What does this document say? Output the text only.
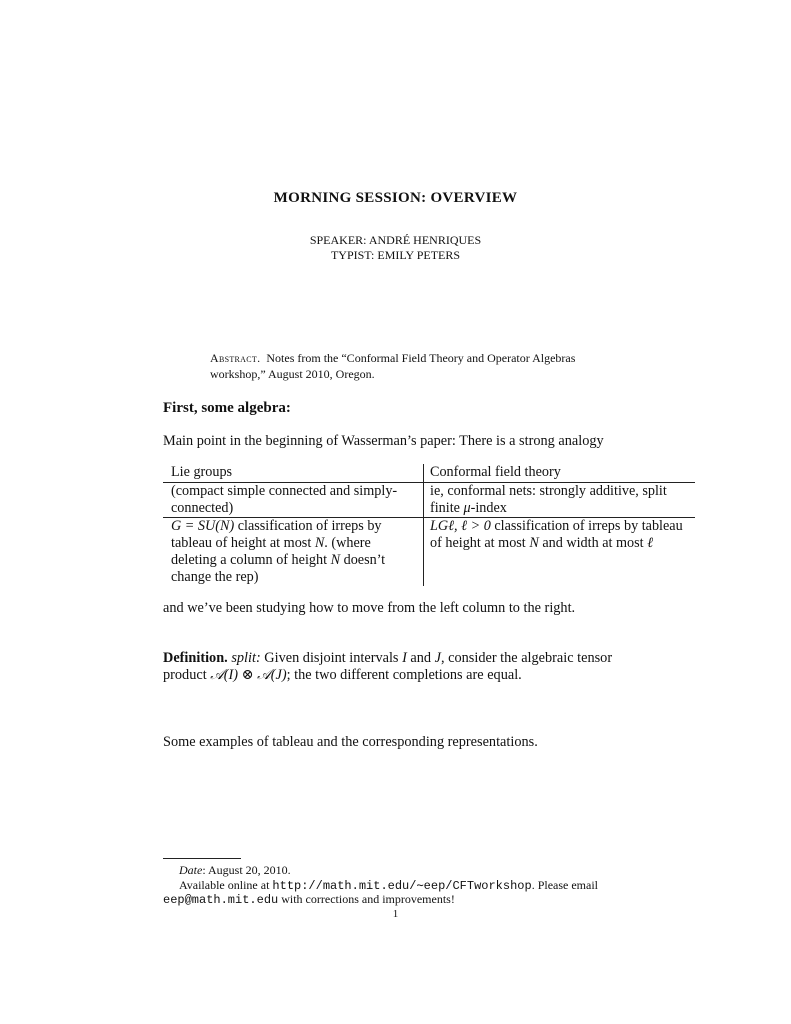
MORNING SESSION: OVERVIEW
SPEAKER: ANDRÉ HENRIQUES
TYPIST: EMILY PETERS
Abstract. Notes from the “Conformal Field Theory and Operator Algebras workshop,” August 2010, Oregon.
First, some algebra:
Main point in the beginning of Wasserman’s paper: There is a strong analogy
Lie groups	Conformal field theory
(compact simple connected and simply-connected)	ie, conformal nets: strongly additive, split finite μ-index
G = SU(N) classification of irreps by tableau of height at most N. (where deleting a column of height N doesn’t change the rep)	LGℓ, ℓ > 0 classification of irreps by tableau of height at most N and width at most ℓ
and we’ve been studying how to move from the left column to the right.
Definition. split: Given disjoint intervals I and J, consider the algebraic tensor product 𝒜(I) ⊗ 𝒜(J); the two different completions are equal.
Some examples of tableau and the corresponding representations.
Date: August 20, 2010.
Available online at http://math.mit.edu/∼eep/CFTworkshop. Please email
eep@math.mit.edu with corrections and improvements!
1
